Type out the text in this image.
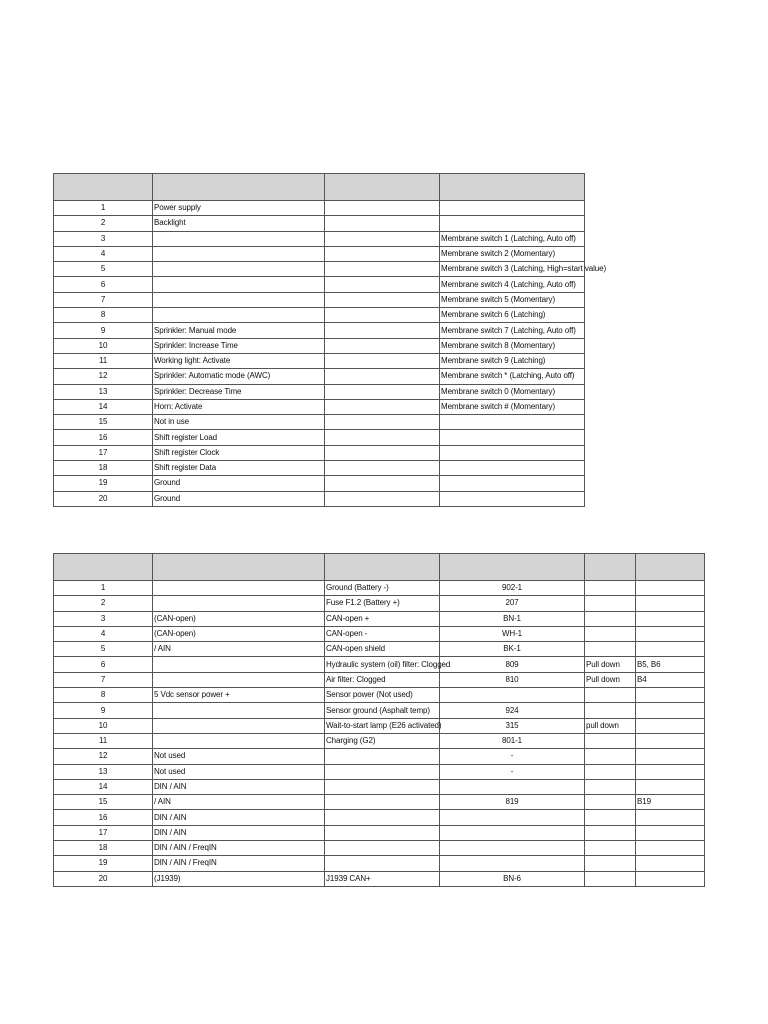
1	Power supply		
2	Backlight		
3			Membrane switch 1 (Latching, Auto off)
4			Membrane switch 2 (Momentary)
5			Membrane switch 3 (Latching, High=start value)
6			Membrane switch 4 (Latching, Auto off)
7			Membrane switch 5 (Momentary)
8			Membrane switch 6 (Latching)
9	Sprinkler: Manual mode		Membrane switch 7 (Latching, Auto off)
10	Sprinkler: Increase Time		Membrane switch 8 (Momentary)
11	Working light: Activate		Membrane switch 9 (Latching)
12	Sprinkler: Automatic mode (AWC)		Membrane switch * (Latching, Auto off)
13	Sprinkler: Decrease Time		Membrane switch 0 (Momentary)
14	Horn: Activate		Membrane switch # (Momentary)
15	Not in use		
16	Shift register Load		
17	Shift register Clock		
18	Shift register Data		
19	Ground		
20	Ground		

1		Ground (Battery -)	902-1		
2		Fuse F1.2 (Battery +)	207		
3	(CAN-open)	CAN-open +	BN-1		
4	(CAN-open)	CAN-open -	WH-1		
5	/ AIN	CAN-open shield	BK-1		
6		Hydraulic system (oil) filter: Clogged	809	Pull down	B5, B6
7		Air filter: Clogged	810	Pull down	B4
8	5 Vdc sensor power +	Sensor power (Not used)			
9		Sensor ground (Asphalt temp)	924		
10		Wait-to-start lamp (E26 activated)	315	pull down	
11		Charging (G2)	801-1		
12	Not used		-		
13	Not used		-		
14	DIN / AIN				
15	/ AIN		819		B19
16	DIN / AIN				
17	DIN / AIN				
18	DIN / AIN / FreqIN				
19	DIN / AIN / FreqIN				
20	(J1939)	J1939 CAN+	BN-6		
